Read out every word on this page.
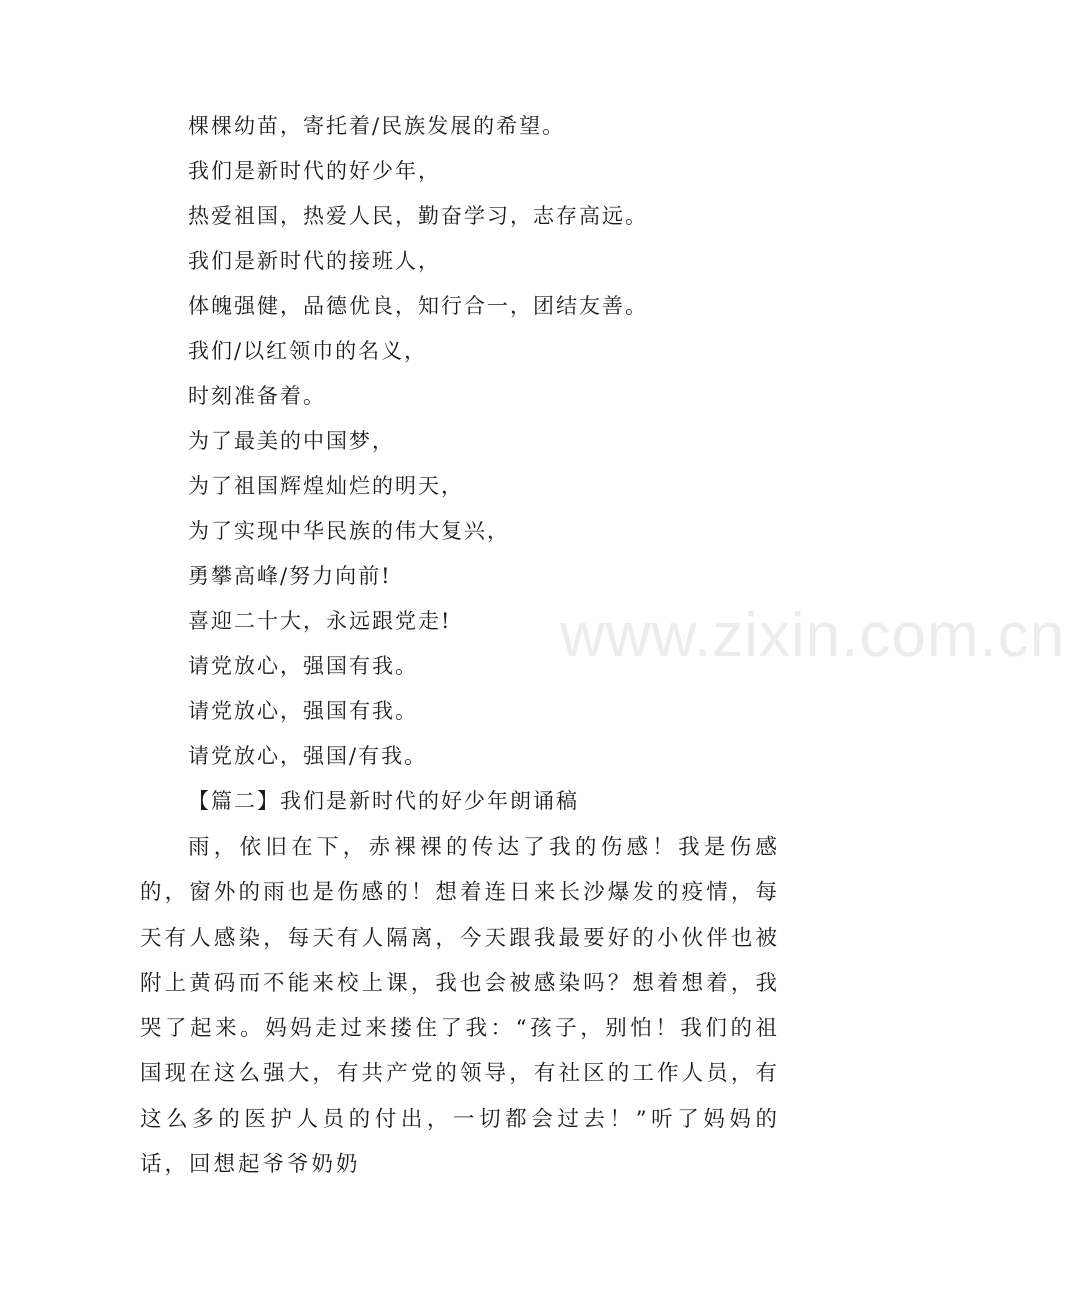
棵棵幼苗，寄托着/民族发展的希望。
我们是新时代的好少年，
热爱祖国，热爱人民，勤奋学习，志存高远。
我们是新时代的接班人，
体魄强健，品德优良，知行合一，团结友善。
我们/以红领巾的名义，
时刻准备着。
为了最美的中国梦，
为了祖国辉煌灿烂的明天，
为了实现中华民族的伟大复兴，
勇攀高峰/努力向前!
喜迎二十大，永远跟党走!
请党放心，强国有我。
请党放心，强国有我。
请党放心，强国/有我。
【篇二】我们是新时代的好少年朗诵稿
雨，依旧在下，赤裸裸的传达了我的伤感！我是伤感的，窗外的雨也是伤感的！想着连日来长沙爆发的疫情，每天有人感染，每天有人隔离，今天跟我最要好的小伙伴也被附上黄码而不能来校上课，我也会被感染吗？想着想着，我哭了起来。妈妈走过来搂住了我：“孩子，别怕！我们的祖国现在这么强大，有共产党的领导，有社区的工作人员，有这么多的医护人员的付出，一切都会过去！”听了妈妈的话，回想起爷爷奶奶
www.zixin.com.cn
